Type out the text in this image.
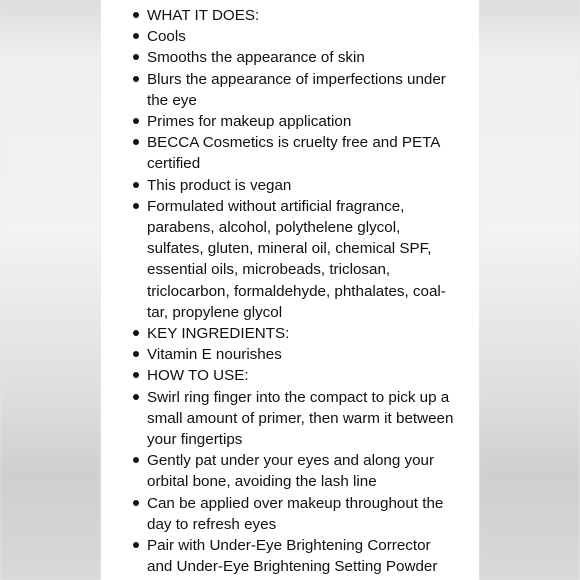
WHAT IT DOES:
Cools
Smooths the appearance of skin
Blurs the appearance of imperfections under the eye
Primes for makeup application
BECCA Cosmetics is cruelty free and PETA certified
This product is vegan
Formulated without artificial fragrance, parabens, alcohol, polythelene glycol, sulfates, gluten, mineral oil, chemical SPF, essential oils, microbeads, triclosan, triclocarbon, formaldehyde, phthalates, coal-tar, propylene glycol
KEY INGREDIENTS:
Vitamin E nourishes
HOW TO USE:
Swirl ring finger into the compact to pick up a small amount of primer, then warm it between your fingertips
Gently pat under your eyes and along your orbital bone, avoiding the lash line
Can be applied over makeup throughout the day to refresh eyes
Pair with Under-Eye Brightening Corrector and Under-Eye Brightening Setting Powder
